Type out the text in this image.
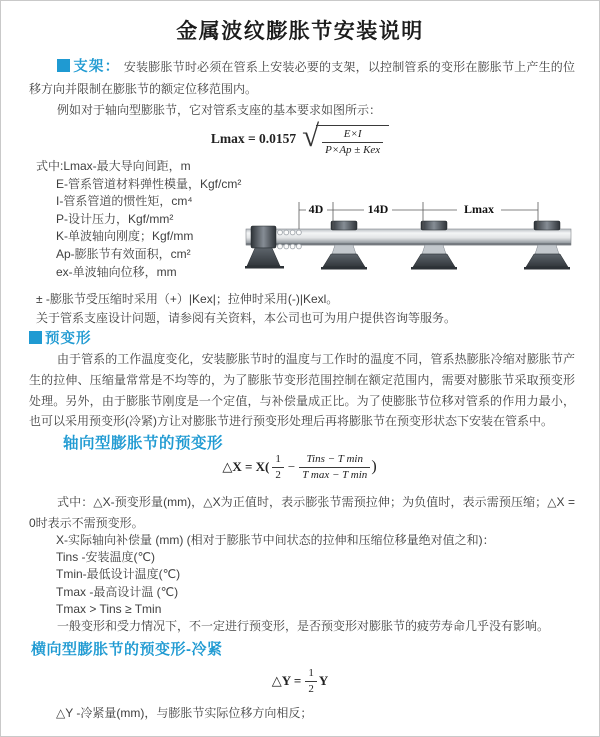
金属波纹膨胀节安装说明
支架： 安装膨胀节时必须在管系上安装必要的支架，以控制管系的变形在膨胀节上产生的位移方向并限制在膨胀节的额定位移范围内。
例如对于轴向型膨胀节，它对管系支座的基本要求如图所示：
Lmax = 0.0157 √ $\frac{E\times I}{\text{P×Ap ± Kex}}$
式中:Lmax-最大导向间距，m
E-管系管道材料弹性模量，Kgf/cm²
I-管系管道的惯性矩，cm⁴
P-设计压力，Kgf/mm²
K-单波轴向刚度；Kgf/mm
Ap-膨胀节有效面积，cm²
ex-单波轴向位移，mm
4D	14D	Lmax
± -膨胀节受压缩时采用（+）|Kex|；拉伸时采用(-)|Kexl。
关于管系支座设计问题，请参阅有关资料，本公司也可为用户提供咨询等服务。
预变形
由于管系的工作温度变化，安装膨胀节时的温度与工作时的温度不同，管系热膨胀冷缩对膨胀节产生的拉伸、压缩量常常是不均等的，为了膨胀节变形范围控制在额定范围内，需要对膨胀节采取预变形处理。另外，由于膨胀节刚度是一个定值，与补偿量成正比。为了使膨胀节位移对管系的作用力最小，也可以采用预变形(冷紧)方让对膨胀节进行预变形处理后再将膨胀节在预变形状态下安装在管系中。
轴向型膨胀节的预变形
△X = $X( \frac{1}{2} - \frac{\text{Tins − T min}}{\text{T max − T min}}$ )
式中：△X-预变形量(mm)，△X为正值时，表示膨张节需预拉伸；为负值时，表示需预压缩；△X = 0时表示不需预变形。
X-实际轴向补偿量 (mm) (相对于膨胀节中间状态的拉伸和压缩位移量绝对值之和)：
Tins -安装温度(℃)
Tmin-最低设计温度(℃)
Tmax -最高设计温 (℃)
Tmax > Tins ≥ Tmin
一般变形和受力情况下，不一定进行预变形，是否预变形对膨胀节的疲劳寿命几乎没有影响。
横向型膨胀节的预变形-冷紧
△Y = $\frac{1}{2}$ Y
△Y -冷紧量(mm)，与膨胀节实际位移方向相反；
